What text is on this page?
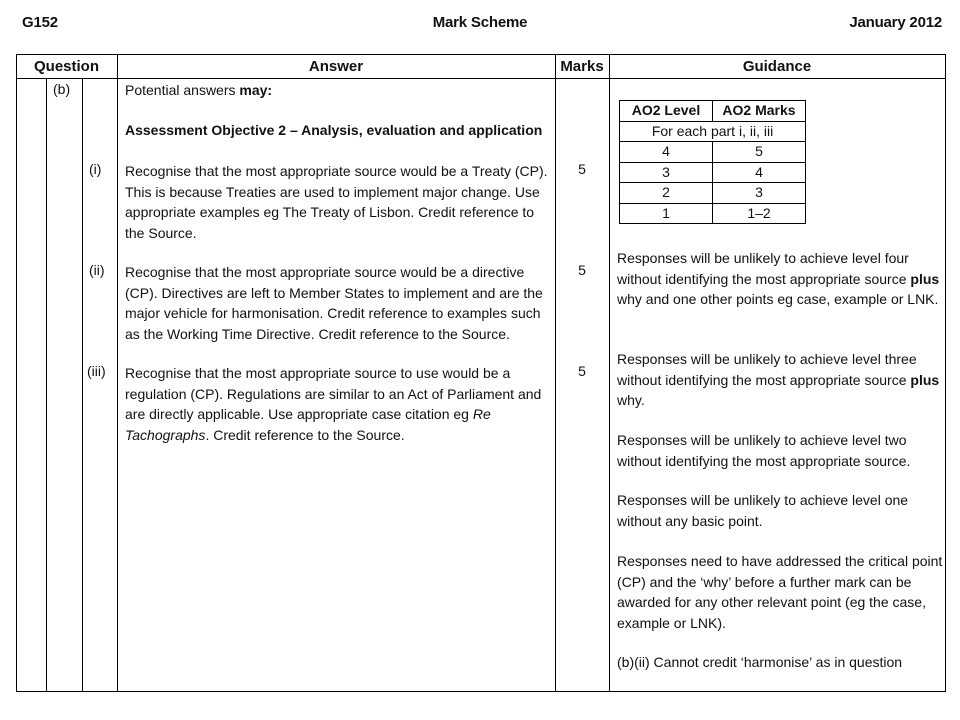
G152	Mark Scheme	January 2012
Question	Answer	Marks	Guidance
(b)	Potential answers may:
Assessment Objective 2 – Analysis, evaluation and application
(i) Recognise that the most appropriate source would be a Treaty (CP). This is because Treaties are used to implement major change. Use appropriate examples eg The Treaty of Lisbon. Credit reference to the Source.
5
(ii) Recognise that the most appropriate source would be a directive (CP). Directives are left to Member States to implement and are the major vehicle for harmonisation. Credit reference to examples such as the Working Time Directive. Credit reference to the Source.
5
(iii) Recognise that the most appropriate source to use would be a regulation (CP). Regulations are similar to an Act of Parliament and are directly applicable. Use appropriate case citation eg Re Tachographs. Credit reference to the Source.
5
AO2 Level	AO2 Marks
For each part i, ii, iii	
4	5
3	4
2	3
1	1–2
Responses will be unlikely to achieve level four without identifying the most appropriate source plus why and one other points eg case, example or LNK.
Responses will be unlikely to achieve level three without identifying the most appropriate source plus why.
Responses will be unlikely to achieve level two without identifying the most appropriate source.
Responses will be unlikely to achieve level one without any basic point.
Responses need to have addressed the critical point (CP) and the ‘why’ before a further mark can be awarded for any other relevant point (eg the case, example or LNK).
(b)(ii) Cannot credit ‘harmonise’ as in question
